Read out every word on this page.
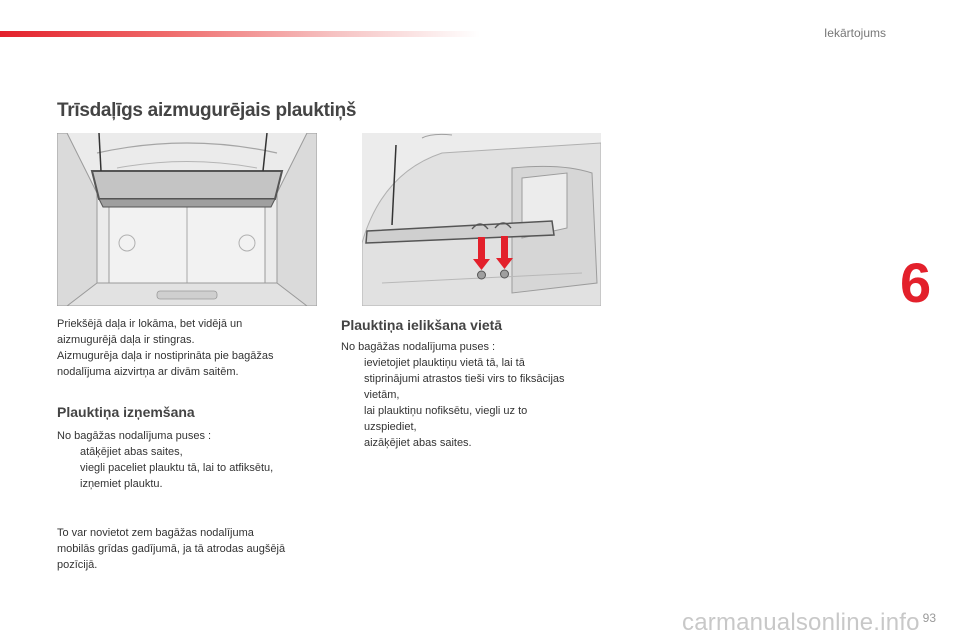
Iekārtojums
6
Trīsdaļīgs aizmugurējais plauktiņš

Priekšējā daļa ir lokāma, bet vidējā un

aizmugurējā daļa ir stingras.

Aizmugurēja daļa ir nostiprināta pie bagāžas

nodalījuma aizvirtņa ar divām saitēm.

Plauktiņa izņemšana

No bagāžas nodalījuma puses :

atāķējiet abas saites,
viegli paceliet plauktu tā, lai to atfiksētu,
izņemiet plauktu.

To var novietot zem bagāžas nodalījuma

mobilās grīdas gadījumā, ja tā atrodas augšējā

pozīcijā.

Plauktiņa ielikšana vietā

No bagāžas nodalījuma puses :

ievietojiet plauktiņu vietā tā, lai tā
stiprinājumi atrastos tieši virs to fiksācijas
vietām,
lai plauktiņu nofiksētu, viegli uz to
uzspiediet,
aizāķējiet abas saites.
carmanualsonline.info 93
